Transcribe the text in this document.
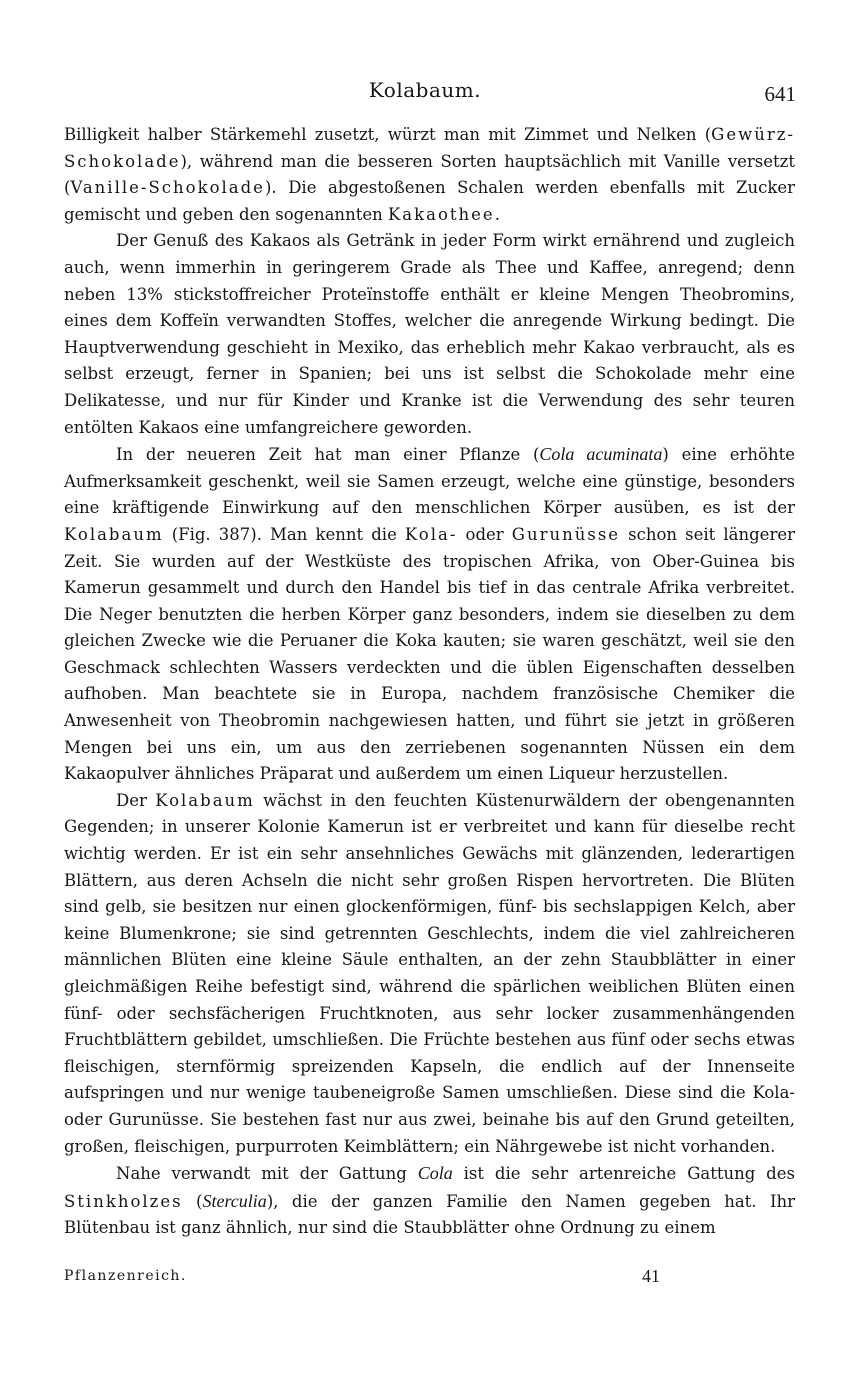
Kolabaum.	641

Billigkeit halber Stärkemehl zusetzt, würzt man mit Zimmet und Nelken (Gewürz-Schokolade), während man die besseren Sorten hauptsächlich mit Vanille versetzt (Vanille-Schokolade). Die abgestoßenen Schalen werden ebenfalls mit Zucker gemischt und geben den sogenannten Kakaothee.

Der Genuß des Kakaos als Getränk in jeder Form wirkt ernährend und zugleich auch, wenn immerhin in geringerem Grade als Thee und Kaffee, anregend; denn neben 13% stickstoffreicher Proteïnstoffe enthält er kleine Mengen Theobromins, eines dem Koffeïn verwandten Stoffes, welcher die anregende Wirkung bedingt. Die Hauptverwendung geschieht in Mexiko, das erheblich mehr Kakao verbraucht, als es selbst erzeugt, ferner in Spanien; bei uns ist selbst die Schokolade mehr eine Delikatesse, und nur für Kinder und Kranke ist die Verwendung des sehr teuren entölten Kakaos eine umfangreichere geworden.

In der neueren Zeit hat man einer Pflanze (Cola acuminata) eine erhöhte Aufmerksamkeit geschenkt, weil sie Samen erzeugt, welche eine günstige, besonders eine kräftigende Einwirkung auf den menschlichen Körper ausüben, es ist der Kolabaum (Fig. 387). Man kennt die Kola- oder Gurunüsse schon seit längerer Zeit. Sie wurden auf der Westküste des tropischen Afrika, von Ober-Guinea bis Kamerun gesammelt und durch den Handel bis tief in das centrale Afrika verbreitet. Die Neger benutzten die herben Körper ganz besonders, indem sie dieselben zu dem gleichen Zwecke wie die Peruaner die Koka kauten; sie waren geschätzt, weil sie den Geschmack schlechten Wassers verdeckten und die üblen Eigenschaften desselben aufhoben. Man beachtete sie in Europa, nachdem französische Chemiker die Anwesenheit von Theobromin nachgewiesen hatten, und führt sie jetzt in größeren Mengen bei uns ein, um aus den zerriebenen sogenannten Nüssen ein dem Kakaopulver ähnliches Präparat und außerdem um einen Liqueur herzustellen.

Der Kolabaum wächst in den feuchten Küstenurwäldern der obengenannten Gegenden; in unserer Kolonie Kamerun ist er verbreitet und kann für dieselbe recht wichtig werden. Er ist ein sehr ansehnliches Gewächs mit glänzenden, lederartigen Blättern, aus deren Achseln die nicht sehr großen Rispen hervortreten. Die Blüten sind gelb, sie besitzen nur einen glockenförmigen, fünf- bis sechslappigen Kelch, aber keine Blumenkrone; sie sind getrennten Geschlechts, indem die viel zahlreicheren männlichen Blüten eine kleine Säule enthalten, an der zehn Staubblätter in einer gleichmäßigen Reihe befestigt sind, während die spärlichen weiblichen Blüten einen fünf- oder sechsfächerigen Fruchtknoten, aus sehr locker zusammenhängenden Fruchtblättern gebildet, umschließen. Die Früchte bestehen aus fünf oder sechs etwas fleischigen, sternförmig spreizenden Kapseln, die endlich auf der Innenseite aufspringen und nur wenige taubeneigroße Samen umschließen. Diese sind die Kola- oder Gurunüsse. Sie bestehen fast nur aus zwei, beinahe bis auf den Grund geteilten, großen, fleischigen, purpurroten Keimblättern; ein Nährgewebe ist nicht vorhanden.

Nahe verwandt mit der Gattung Cola ist die sehr artenreiche Gattung des Stinkholzes (Sterculia), die der ganzen Familie den Namen gegeben hat. Ihr Blütenbau ist ganz ähnlich, nur sind die Staubblätter ohne Ordnung zu einem

Pflanzenreich.	41
